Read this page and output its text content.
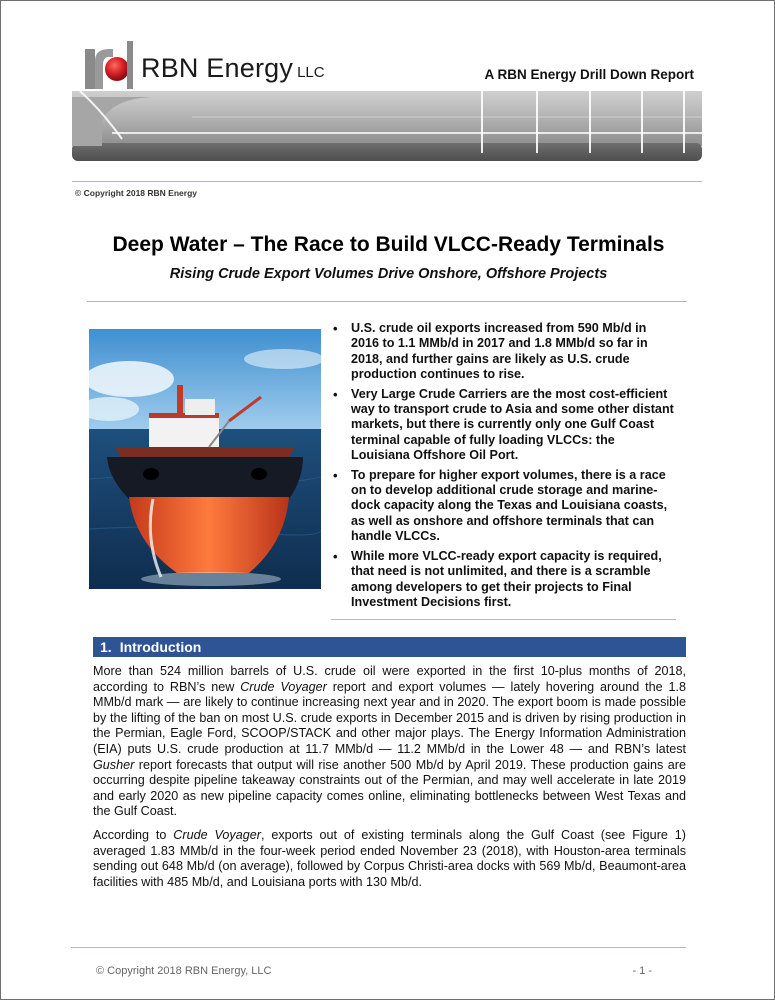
RBN Energy LLC	A RBN Energy Drill Down Report
© Copyright 2018 RBN Energy
Deep Water – The Race to Build VLCC-Ready Terminals
Rising Crude Export Volumes Drive Onshore, Offshore Projects
• U.S. crude oil exports increased from 590 Mb/d in 2016 to 1.1 MMb/d in 2017 and 1.8 MMb/d so far in 2018, and further gains are likely as U.S. crude production continues to rise.
• Very Large Crude Carriers are the most cost-efficient way to transport crude to Asia and some other distant markets, but there is currently only one Gulf Coast terminal capable of fully loading VLCCs: the Louisiana Offshore Oil Port.
• To prepare for higher export volumes, there is a race on to develop additional crude storage and marine-dock capacity along the Texas and Louisiana coasts, as well as onshore and offshore terminals that can handle VLCCs.
• While more VLCC-ready export capacity is required, that need is not unlimited, and there is a scramble among developers to get their projects to Final Investment Decisions first.
1. Introduction

More than 524 million barrels of U.S. crude oil were exported in the first 10-plus months of 2018, according to RBN’s new Crude Voyager report and export volumes — lately hovering around the 1.8 MMb/d mark — are likely to continue increasing next year and in 2020. The export boom is made possible by the lifting of the ban on most U.S. crude exports in December 2015 and is driven by rising production in the Permian, Eagle Ford, SCOOP/STACK and other major plays. The Energy Information Administration (EIA) puts U.S. crude production at 11.7 MMb/d — 11.2 MMb/d in the Lower 48 — and RBN’s latest Gusher report forecasts that output will rise another 500 Mb/d by April 2019. These production gains are occurring despite pipeline takeaway constraints out of the Permian, and may well accelerate in late 2019 and early 2020 as new pipeline capacity comes online, eliminating bottlenecks between West Texas and the Gulf Coast.

According to Crude Voyager, exports out of existing terminals along the Gulf Coast (see Figure 1) averaged 1.83 MMb/d in the four-week period ended November 23 (2018), with Houston-area terminals sending out 648 Mb/d (on average), followed by Corpus Christi-area docks with 569 Mb/d, Beaumont-area facilities with 485 Mb/d, and Louisiana ports with 130 Mb/d.

© Copyright 2018 RBN Energy, LLC	- 1 -
